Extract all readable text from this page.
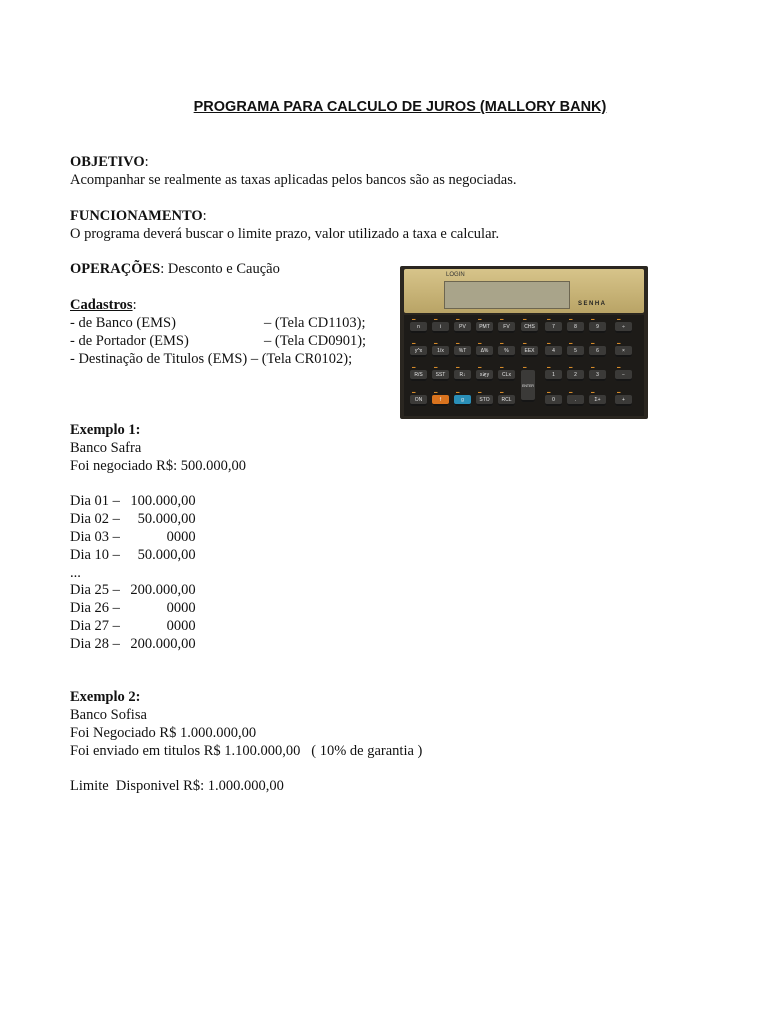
PROGRAMA PARA CALCULO DE JUROS (MALLORY BANK)
OBJETIVO:
Acompanhar se realmente as taxas aplicadas pelos bancos são as negociadas.
FUNCIONAMENTO:
O programa deverá buscar o limite prazo, valor utilizado a taxa e calcular.
OPERAÇÕES: Desconto e Caução
Cadastros:
- de Banco (EMS)	– (Tela CD1103);
- de Portador (EMS)	– (Tela CD0901);
- Destinação de Titulos (EMS) – (Tela CR0102);
LOGIN
SENHA
n
▬
i
▬
PV
▬
PMT
▬
FV
▬
CHS
▬
7
▬
8
▬
9
▬
÷
▬
y^x
▬
1/x
▬
%T
▬
Δ%
▬
%
▬
EEX
▬
4
▬
5
▬
6
▬
×
▬
R/S
▬
SST
▬
R↓
▬
x≷y
▬
CLx
▬
ENTER
▬
1
▬
2
▬
3
▬
−
▬
ON
▬
f
▬
g
▬
STO
▬
RCL
▬
0
▬
.
▬
Σ+
▬
+
▬
Exemplo 1:
Banco Safra
Foi negociado R$: 500.000,00
Dia 01 – 100.000,00
Dia 02 – 50.000,00
Dia 03 –	0000
Dia 10 – 50.000,00
...
Dia 25 – 200.000,00
Dia 26 –	0000
Dia 27 –	0000
Dia 28 – 200.000,00
Exemplo 2:
Banco Sofisa
Foi Negociado R$ 1.000.000,00
Foi enviado em titulos R$ 1.100.000,00   ( 10% de garantia )
Limite  Disponivel R$: 1.000.000,00
